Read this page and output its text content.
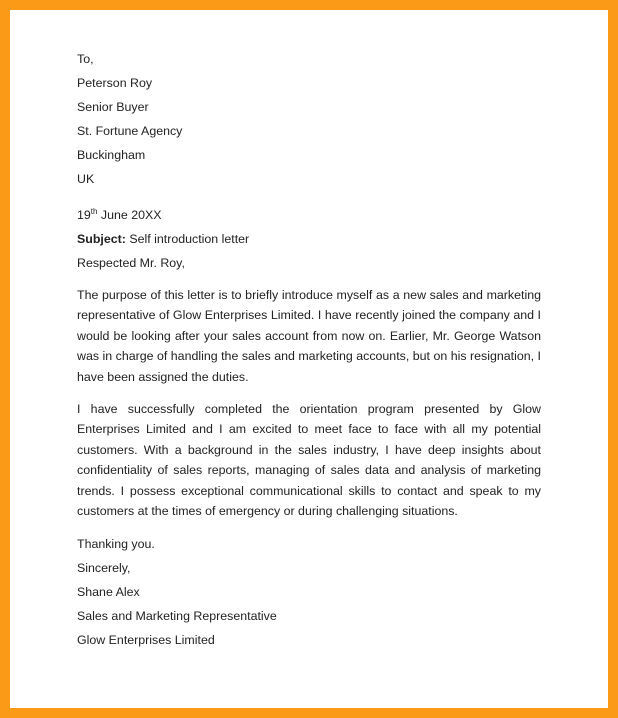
To,
Peterson Roy
Senior Buyer
St. Fortune Agency
Buckingham
UK
19th June 20XX
Subject: Self introduction letter
Respected Mr. Roy,
The purpose of this letter is to briefly introduce myself as a new sales and marketing representative of Glow Enterprises Limited. I have recently joined the company and I would be looking after your sales account from now on. Earlier, Mr. George Watson was in charge of handling the sales and marketing accounts, but on his resignation, I have been assigned the duties.
I have successfully completed the orientation program presented by Glow Enterprises Limited and I am excited to meet face to face with all my potential customers. With a background in the sales industry, I have deep insights about confidentiality of sales reports, managing of sales data and analysis of marketing trends. I possess exceptional communicational skills to contact and speak to my customers at the times of emergency or during challenging situations.
Thanking you.
Sincerely,
Shane Alex
Sales and Marketing Representative
Glow Enterprises Limited
